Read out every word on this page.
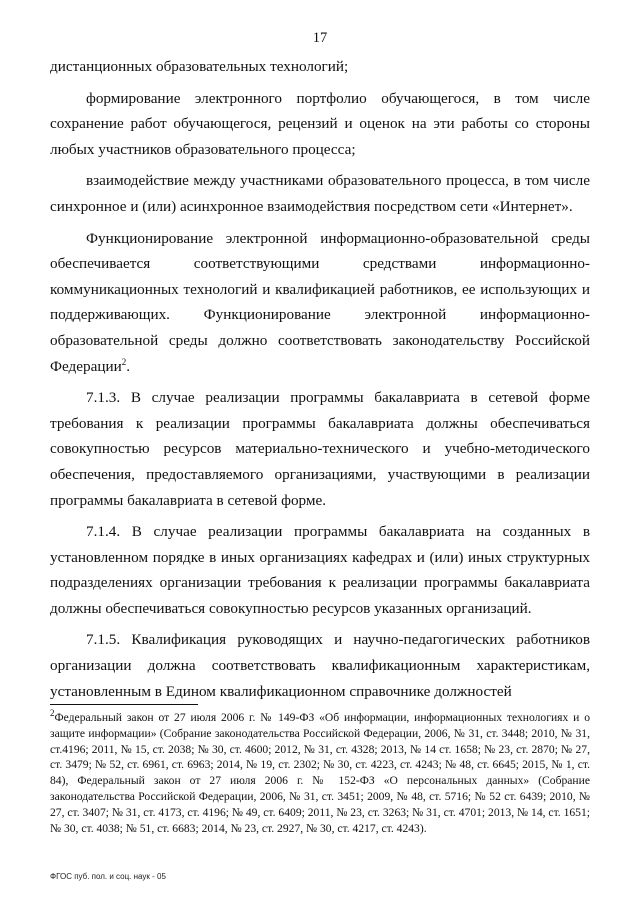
17

дистанционных образовательных технологий;

формирование электронного портфолио обучающегося, в том числе сохранение работ обучающегося, рецензий и оценок на эти работы со стороны любых участников образовательного процесса;

взаимодействие между участниками образовательного процесса, в том числе синхронное и (или) асинхронное взаимодействия посредством сети «Интернет».

Функционирование электронной информационно-образовательной среды обеспечивается соответствующими средствами информационно-коммуникационных технологий и квалификацией работников, ее использующих и поддерживающих. Функционирование электронной информационно-образовательной среды должно соответствовать законодательству Российской Федерации$^2$.

7.1.3. В случае реализации программы бакалавриата в сетевой форме требования к реализации программы бакалавриата должны обеспечиваться совокупностью ресурсов материально-технического и учебно-методического обеспечения, предоставляемого организациями, участвующими в реализации программы бакалавриата в сетевой форме.

7.1.4. В случае реализации программы бакалавриата на созданных в установленном порядке в иных организациях кафедрах и (или) иных структурных подразделениях организации требования к реализации программы бакалавриата должны обеспечиваться совокупностью ресурсов указанных организаций.

7.1.5. Квалификация руководящих и научно-педагогических работников организации должна соответствовать квалификационным характеристикам, установленным в Едином квалификационном справочнике должностей

$^2$Федеральный закон от 27 июля 2006 г. № 149-ФЗ «Об информации, информационных технологиях и о защите информации» (Собрание законодательства Российской Федерации, 2006, № 31, ст. 3448; 2010, № 31, ст.4196; 2011, № 15, ст. 2038; № 30, ст. 4600; 2012, № 31, ст. 4328; 2013, № 14 ст. 1658; № 23, ст. 2870; № 27, ст. 3479; № 52, ст. 6961, ст. 6963; 2014, № 19, ст. 2302; № 30, ст. 4223, ст. 4243; № 48, ст. 6645; 2015, № 1, ст. 84), Федеральный закон от 27 июля 2006 г. № 152-ФЗ «О персональных данных» (Собрание законодательства Российской Федерации, 2006, № 31, ст. 3451; 2009, № 48, ст. 5716; № 52 ст. 6439; 2010, № 27, ст. 3407; № 31, ст. 4173, ст. 4196; № 49, ст. 6409; 2011, № 23, ст. 3263; № 31, ст. 4701; 2013, № 14, ст. 1651; № 30, ст. 4038; № 51, ст. 6683; 2014, № 23, ст. 2927, № 30, ст. 4217, ст. 4243).
ФГОС пуб. пол. и соц. наук - 05
